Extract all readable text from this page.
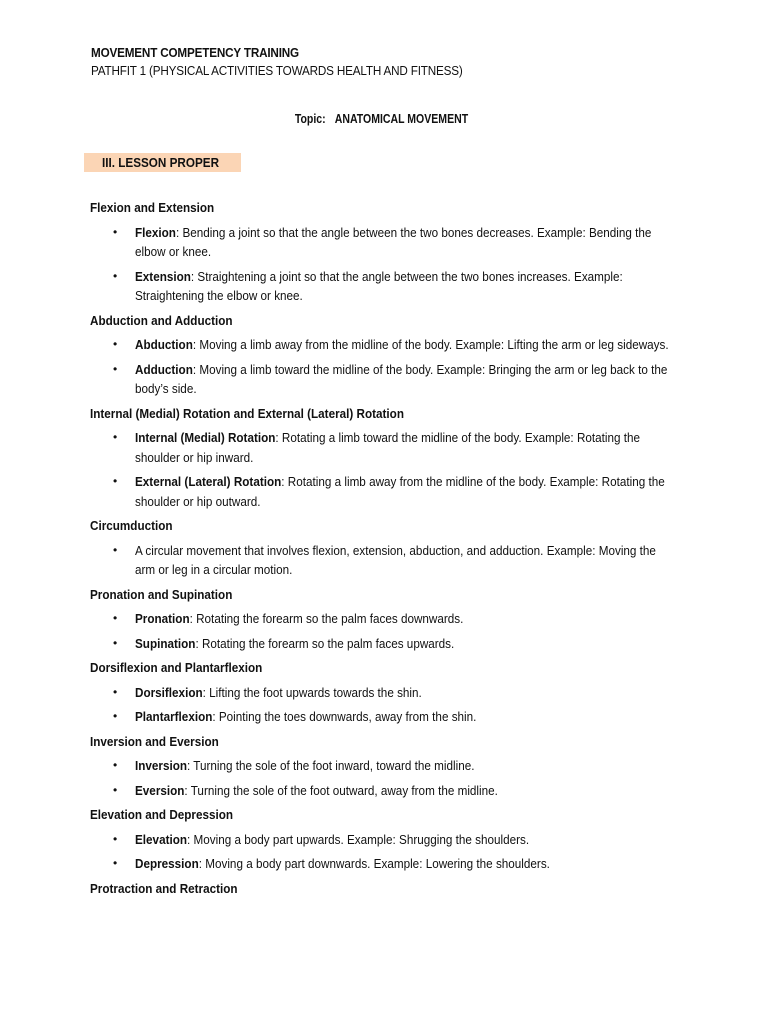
MOVEMENT COMPETENCY TRAINING
PATHFIT 1 (PHYSICAL ACTIVITIES TOWARDS HEALTH AND FITNESS)
Topic:ANATOMICAL MOVEMENT
III. LESSON PROPER
Flexion and Extension
• Flexion: Bending a joint so that the angle between the two bones decreases. Example: Bending the elbow or knee.
• Extension: Straightening a joint so that the angle between the two bones increases. Example: Straightening the elbow or knee.
Abduction and Adduction
• Abduction: Moving a limb away from the midline of the body. Example: Lifting the arm or leg sideways.
• Adduction: Moving a limb toward the midline of the body. Example: Bringing the arm or leg back to the body’s side.
Internal (Medial) Rotation and External (Lateral) Rotation
• Internal (Medial) Rotation: Rotating a limb toward the midline of the body. Example: Rotating the shoulder or hip inward.
• External (Lateral) Rotation: Rotating a limb away from the midline of the body. Example: Rotating the shoulder or hip outward.
Circumduction
• A circular movement that involves flexion, extension, abduction, and adduction. Example: Moving the arm or leg in a circular motion.
Pronation and Supination
• Pronation: Rotating the forearm so the palm faces downwards.
• Supination: Rotating the forearm so the palm faces upwards.
Dorsiflexion and Plantarflexion
• Dorsiflexion: Lifting the foot upwards towards the shin.
• Plantarflexion: Pointing the toes downwards, away from the shin.
Inversion and Eversion
• Inversion: Turning the sole of the foot inward, toward the midline.
• Eversion: Turning the sole of the foot outward, away from the midline.
Elevation and Depression
• Elevation: Moving a body part upwards. Example: Shrugging the shoulders.
• Depression: Moving a body part downwards. Example: Lowering the shoulders.
Protraction and Retraction
